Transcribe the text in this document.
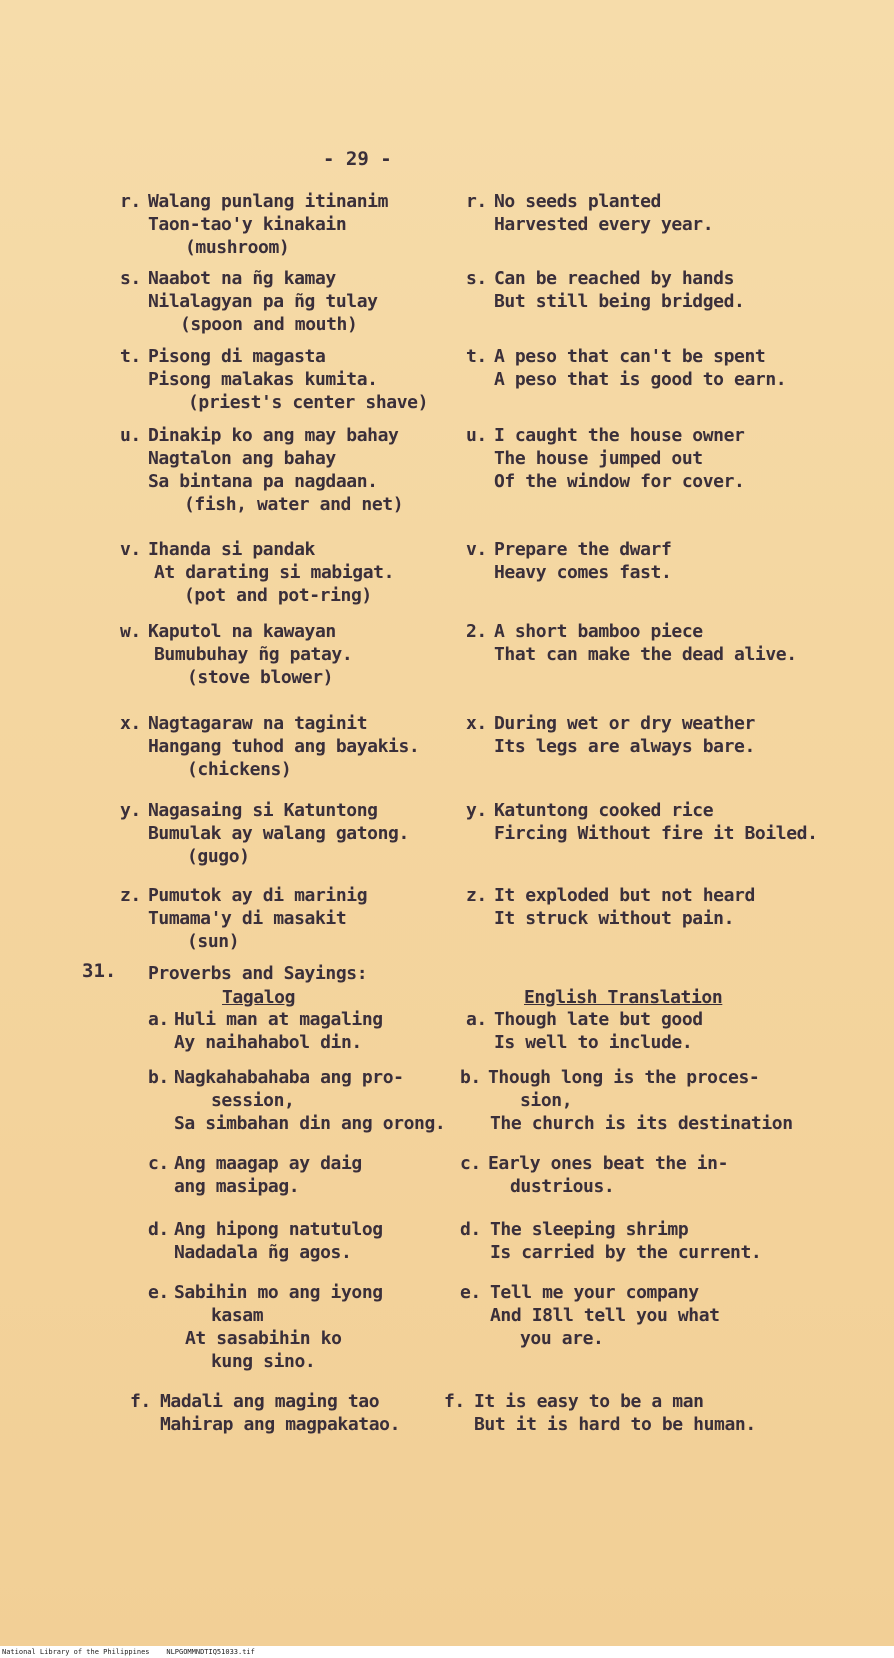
- 29 -
r. Walang punlang itinanim
Taon-tao'y kinakain
(mushroom)
s. Naabot na ñg kamay
Nilalagyan pa ñg tulay
(spoon and mouth)
t. Pisong di magasta
Pisong malakas kumita.
(priest's center shave)
u. Dinakip ko ang may bahay
Nagtalon ang bahay
Sa bintana pa nagdaan.
(fish, water and net)
v. Ihanda si pandak
At darating si mabigat.
(pot and pot-ring)
w. Kaputol na kawayan
Bumubuhay ñg patay.
(stove blower)
x. Nagtagaraw na taginit
Hangang tuhod ang bayakis.
(chickens)
y. Nagasaing si Katuntong
Bumulak ay walang gatong.
(gugo)
z. Pumutok ay di marinig
Tumama'y di masakit
(sun)
r. No seeds planted
Harvested every year.
s. Can be reached by hands
But still being bridged.
t. A peso that can't be spent
A peso that is good to earn.
u. I caught the house owner
The house jumped out
Of the window for cover.
v. Prepare the dwarf
Heavy comes fast.
2. A short bamboo piece
That can make the dead alive.
x. During wet or dry weather
Its legs are always bare.
y. Katuntong cooked rice
Fircing Without fire it Boiled.
z. It exploded but not heard
It struck without pain.
31. Proverbs and Sayings:
Tagalog	English Translation
a. Huli man at magaling
Ay naihahabol din.
b. Nagkahabahaba ang pro-
session,
Sa simbahan din ang orong.
c. Ang maagap ay daig
ang masipag.
d. Ang hipong natutulog
Nadadala ñg agos.
e. Sabihin mo ang iyong
kasam
At sasabihin ko
kung sino.
f. Madali ang maging tao
Mahirap ang magpakatao.
a. Though late but good
Is well to include.
b. Though long is the proces-
sion,
The church is its destination
c. Early ones beat the in-
dustrious.
d. The sleeping shrimp
Is carried by the current.
e. Tell me your company
And I8ll tell you what
you are.
f. It is easy to be a man
But it is hard to be human.
National Library of the Philippines    NLPGOMMNDTIQ51033.tif
